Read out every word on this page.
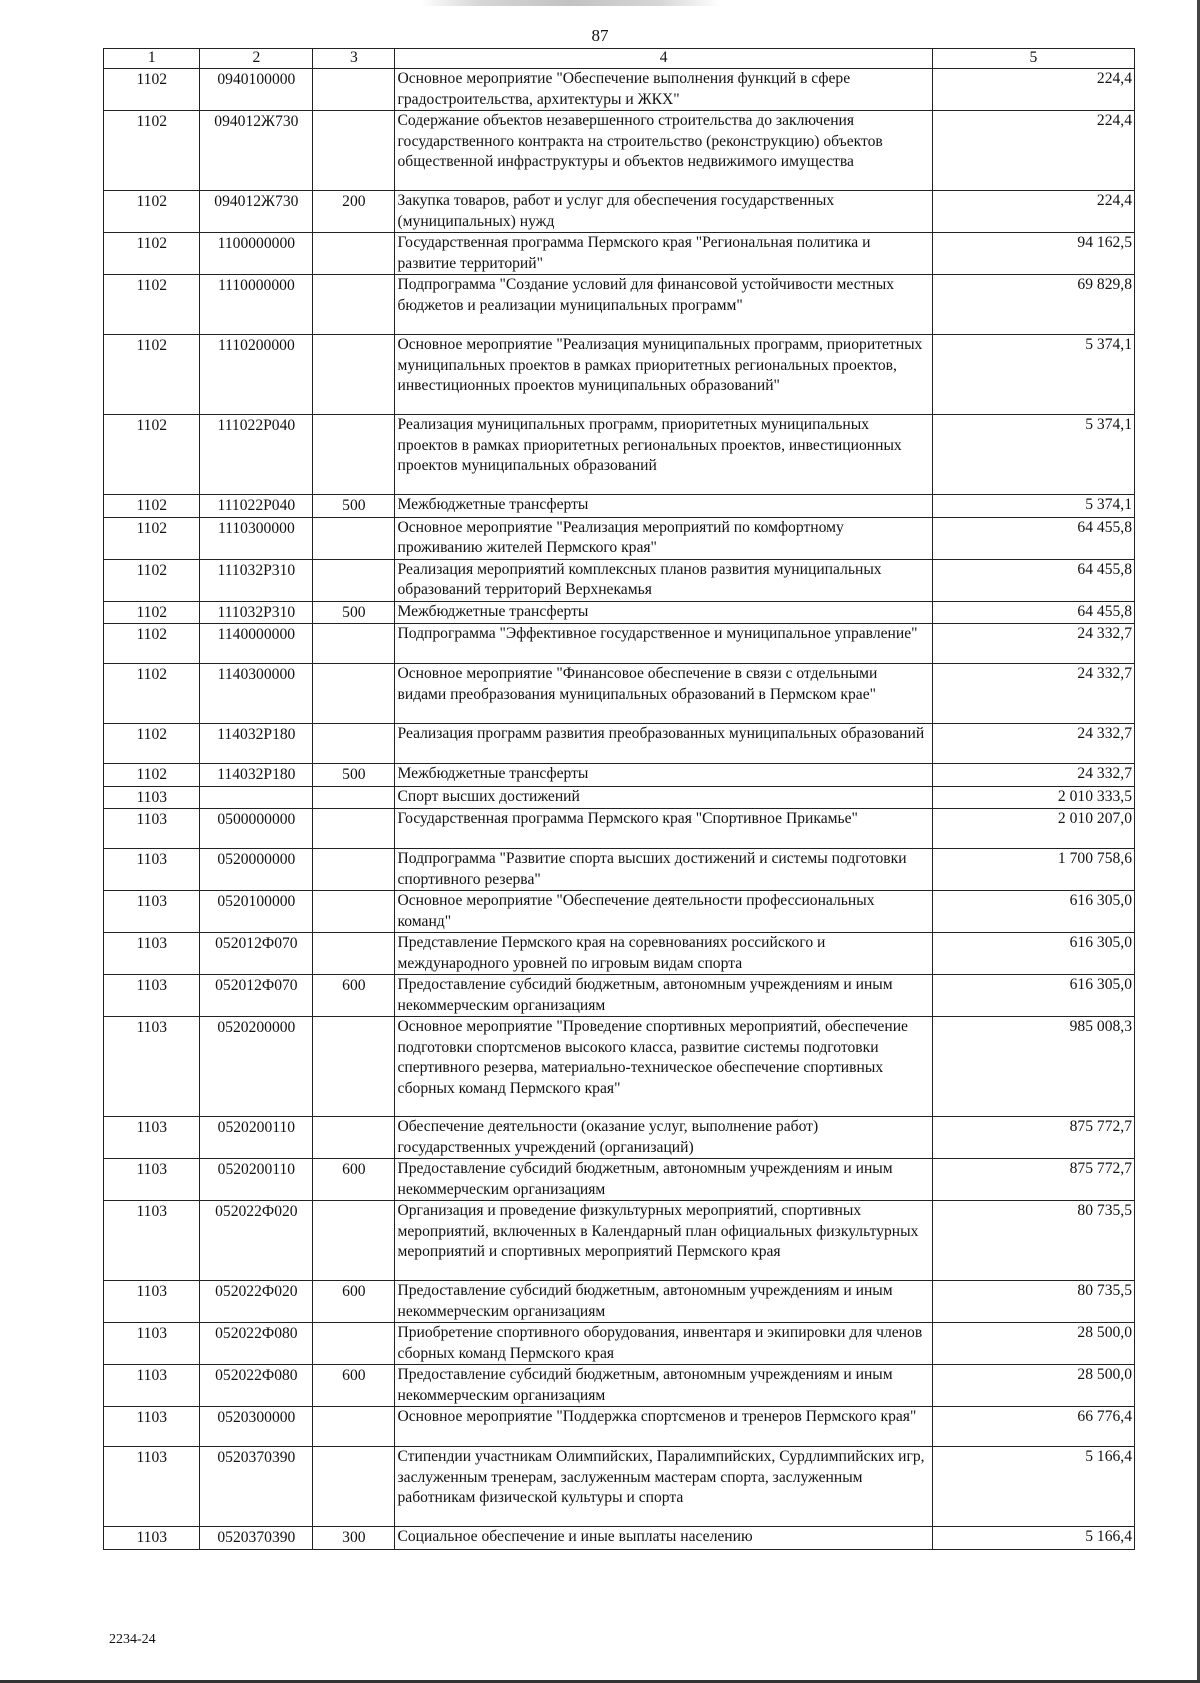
87
1	2	3	4	5
1102	0940100000		Основное мероприятие "Обеспечение выполнения функций в сфере градостроительства, архитектуры и ЖКХ"	224,4
1102	094012Ж730		Содержание объектов незавершенного строительства до заключения государственного контракта на строительство (реконструкцию) объектов общественной инфраструктуры и объектов недвижимого имущества	224,4
1102	094012Ж730	200	Закупка товаров, работ и услуг для обеспечения государственных (муниципальных) нужд	224,4
1102	1100000000		Государственная программа Пермского края "Региональная политика и развитие территорий"	94 162,5
1102	1110000000		Подпрограмма "Создание условий для финансовой устойчивости местных бюджетов и реализации муниципальных программ"	69 829,8
1102	1110200000		Основное мероприятие "Реализация муниципальных программ, приоритетных муниципальных проектов в рамках приоритетных региональных проектов, инвестиционных проектов муниципальных образований"	5 374,1
1102	111022Р040		Реализация муниципальных программ, приоритетных муниципальных проектов в рамках приоритетных региональных проектов, инвестиционных проектов муниципальных образований	5 374,1
1102	111022Р040	500	Межбюджетные трансферты	5 374,1
1102	1110300000		Основное мероприятие "Реализация мероприятий по комфортному проживанию жителей Пермского края"	64 455,8
1102	111032Р310		Реализация мероприятий комплексных планов развития муниципальных образований территорий Верхнекамья	64 455,8
1102	111032Р310	500	Межбюджетные трансферты	64 455,8
1102	1140000000		Подпрограмма "Эффективное государственное и муниципальное управление"	24 332,7
1102	1140300000		Основное мероприятие "Финансовое обеспечение в связи с отдельными видами преобразования муниципальных образований в Пермском крае"	24 332,7
1102	114032Р180		Реализация программ развития преобразованных муниципальных образований	24 332,7
1102	114032Р180	500	Межбюджетные трансферты	24 332,7
1103			Спорт высших достижений	2 010 333,5
1103	0500000000		Государственная программа Пермского края "Спортивное Прикамье"	2 010 207,0
1103	0520000000		Подпрограмма "Развитие спорта высших достижений и системы подготовки спортивного резерва"	1 700 758,6
1103	0520100000		Основное мероприятие "Обеспечение деятельности профессиональных команд"	616 305,0
1103	052012Ф070		Представление Пермского края на соревнованиях российского и международного уровней по игровым видам спорта	616 305,0
1103	052012Ф070	600	Предоставление субсидий бюджетным, автономным учреждениям и иным некоммерческим организациям	616 305,0
1103	0520200000		Основное мероприятие "Проведение спортивных мероприятий, обеспечение подготовки спортсменов высокого класса, развитие системы подготовки спертивного резерва, материально-техническое обеспечение спортивных сборных команд Пермского края"	985 008,3
1103	0520200110		Обеспечение деятельности (оказание услуг, выполнение работ) государственных учреждений (организаций)	875 772,7
1103	0520200110	600	Предоставление субсидий бюджетным, автономным учреждениям и иным некоммерческим организациям	875 772,7
1103	052022Ф020		Организация и проведение физкультурных мероприятий, спортивных мероприятий, включенных в Календарный план официальных физкультурных мероприятий и спортивных мероприятий Пермского края	80 735,5
1103	052022Ф020	600	Предоставление субсидий бюджетным, автономным учреждениям и иным некоммерческим организациям	80 735,5
1103	052022Ф080		Приобретение спортивного оборудования, инвентаря и экипировки для членов сборных команд Пермского края	28 500,0
1103	052022Ф080	600	Предоставление субсидий бюджетным, автономным учреждениям и иным некоммерческим организациям	28 500,0
1103	0520300000		Основное мероприятие "Поддержка спортсменов и тренеров Пермского края"	66 776,4
1103	0520370390		Стипендии участникам Олимпийских, Паралимпийских, Сурдлимпийских игр, заслуженным тренерам, заслуженным мастерам спорта, заслуженным работникам физической культуры и спорта	5 166,4
1103	0520370390	300	Социальное обеспечение и иные выплаты населению	5 166,4
2234-24
